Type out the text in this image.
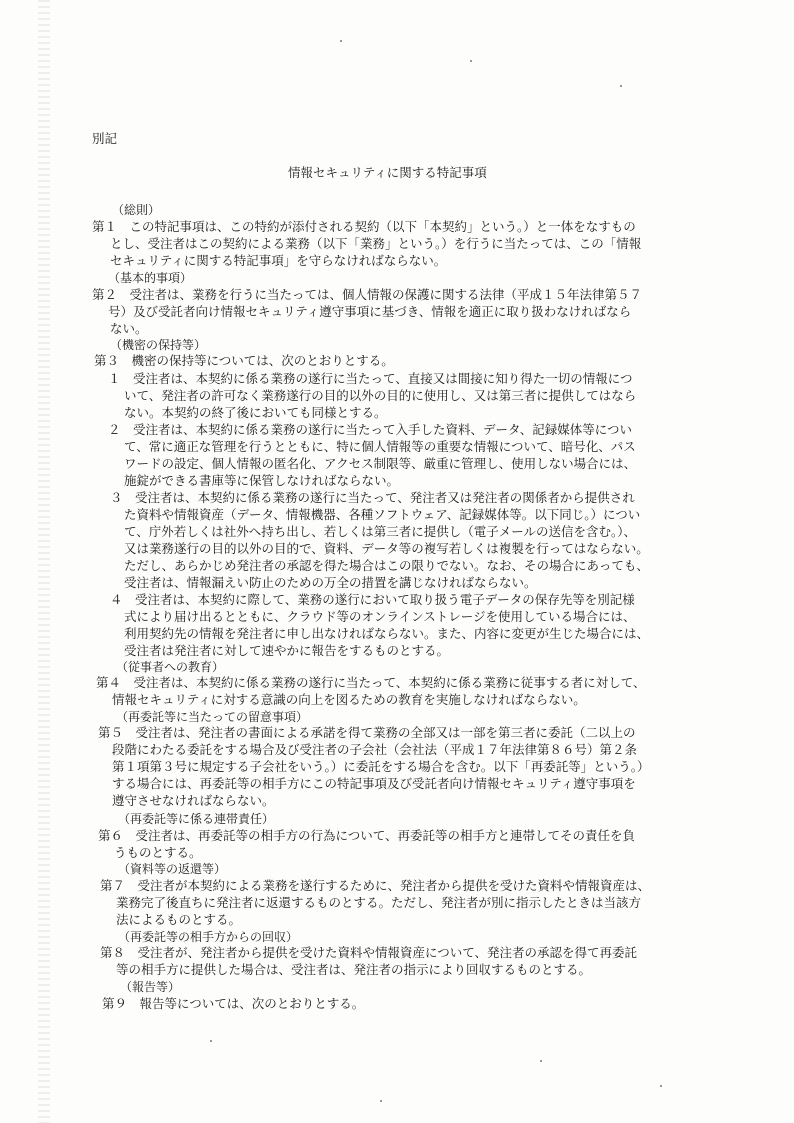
別記
情報セキュリティに関する特記事項
（総則）
第１　この特記事項は、この特約が添付される契約（以下「本契約」という。）と一体をなすもの
とし、受注者はこの契約による業務（以下「業務」という。）を行うに当たっては、この「情報
セキュリティに関する特記事項」を守らなければならない。
（基本的事項）
第２　受注者は、業務を行うに当たっては、個人情報の保護に関する法律（平成１５年法律第５７
号）及び受託者向け情報セキュリティ遵守事項に基づき、情報を適正に取り扱わなければなら
ない。
（機密の保持等）
第３　機密の保持等については、次のとおりとする。
１　受注者は、本契約に係る業務の遂行に当たって、直接又は間接に知り得た一切の情報につ
いて、発注者の許可なく業務遂行の目的以外の目的に使用し、又は第三者に提供してはなら
ない。本契約の終了後においても同様とする。
２　受注者は、本契約に係る業務の遂行に当たって入手した資料、データ、記録媒体等につい
て、常に適正な管理を行うとともに、特に個人情報等の重要な情報について、暗号化、パス
ワードの設定、個人情報の匿名化、アクセス制限等、厳重に管理し、使用しない場合には、
施錠ができる書庫等に保管しなければならない。
３　受注者は、本契約に係る業務の遂行に当たって、発注者又は発注者の関係者から提供され
た資料や情報資産（データ、情報機器、各種ソフトウェア、記録媒体等。以下同じ。）につい
て、庁外若しくは社外へ持ち出し、若しくは第三者に提供し（電子メールの送信を含む。）、
又は業務遂行の目的以外の目的で、資料、データ等の複写若しくは複製を行ってはならない。
ただし、あらかじめ発注者の承認を得た場合はこの限りでない。なお、その場合にあっても、
受注者は、情報漏えい防止のための万全の措置を講じなければならない。
４　受注者は、本契約に際して、業務の遂行において取り扱う電子データの保存先等を別記様
式により届け出るとともに、クラウド等のオンラインストレージを使用している場合には、
利用契約先の情報を発注者に申し出なければならない。また、内容に変更が生じた場合には、
受注者は発注者に対して速やかに報告をするものとする。
（従事者への教育）
第４　受注者は、本契約に係る業務の遂行に当たって、本契約に係る業務に従事する者に対して、
情報セキュリティに対する意識の向上を図るための教育を実施しなければならない。
（再委託等に当たっての留意事項）
第５　受注者は、発注者の書面による承諾を得て業務の全部又は一部を第三者に委託（二以上の
段階にわたる委託をする場合及び受注者の子会社（会社法（平成１７年法律第８６号）第２条
第１項第３号に規定する子会社をいう。）に委託をする場合を含む。以下「再委託等」という。）
する場合には、再委託等の相手方にこの特記事項及び受託者向け情報セキュリティ遵守事項を
遵守させなければならない。
（再委託等に係る連帯責任）
第６　受注者は、再委託等の相手方の行為について、再委託等の相手方と連帯してその責任を負
うものとする。
（資料等の返還等）
第７　受注者が本契約による業務を遂行するために、発注者から提供を受けた資料や情報資産は、
業務完了後直ちに発注者に返還するものとする。ただし、発注者が別に指示したときは当該方
法によるものとする。
（再委託等の相手方からの回収）
第８　受注者が、発注者から提供を受けた資料や情報資産について、発注者の承認を得て再委託
等の相手方に提供した場合は、受注者は、発注者の指示により回収するものとする。
（報告等）
第９　報告等については、次のとおりとする。
